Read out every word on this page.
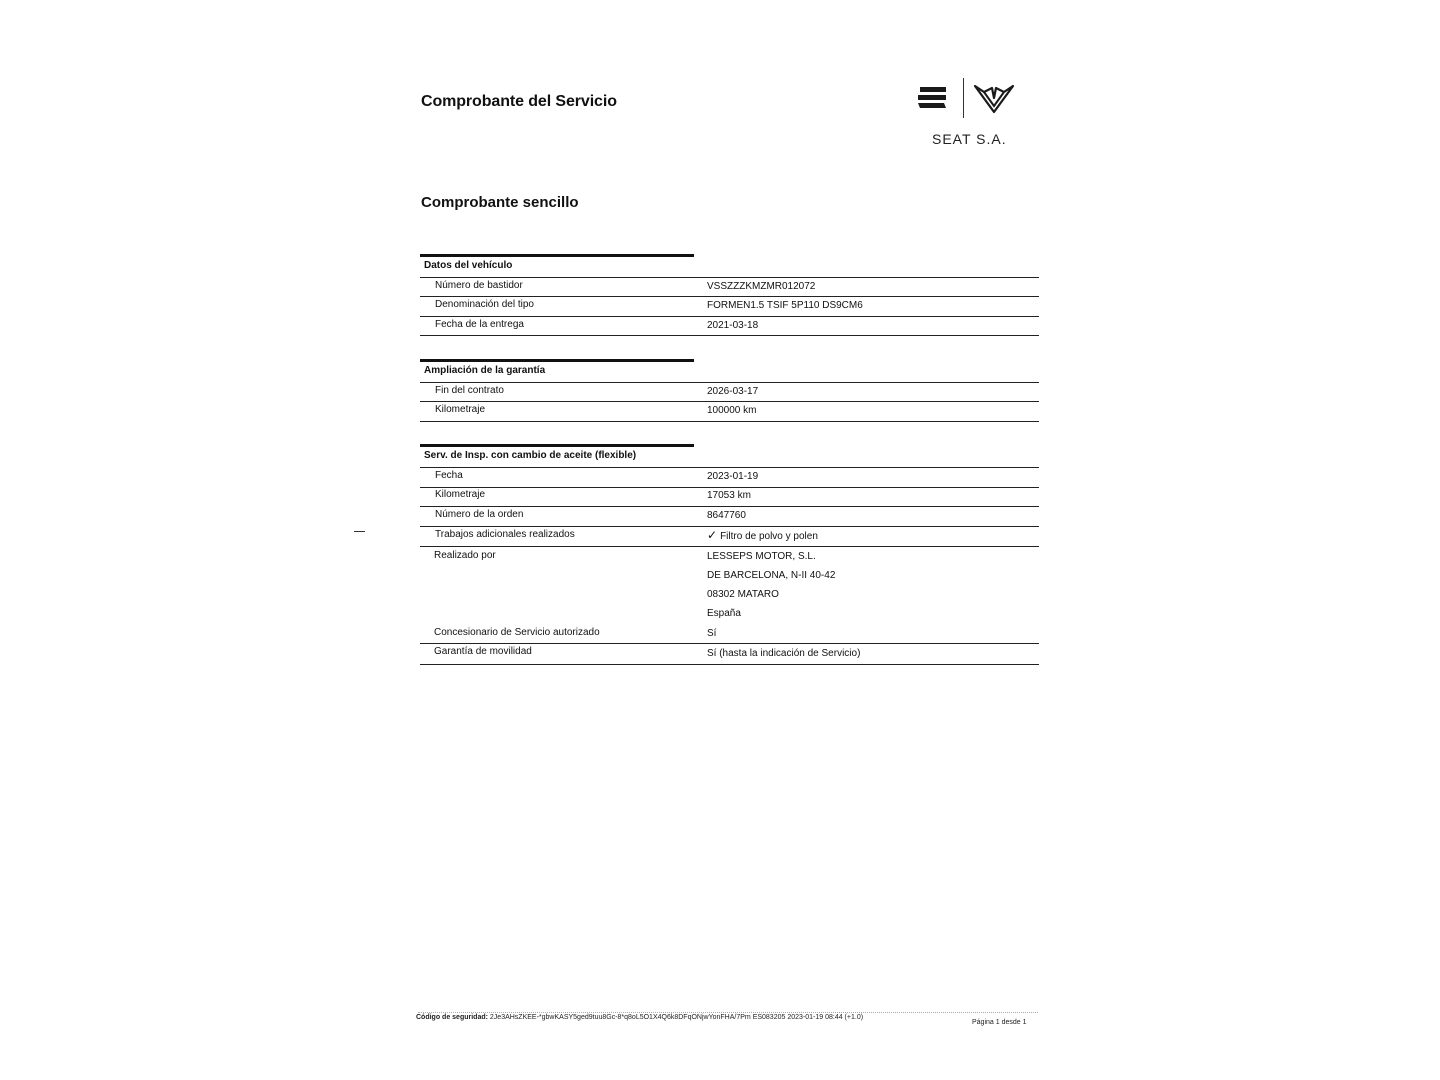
Comprobante del Servicio
SEAT S.A.
Comprobante sencillo
Datos del vehículo
Número de bastidor	VSSZZZKMZMR012072
Denominación del tipo	FORMEN1.5 TSIF 5P110 DS9CM6
Fecha de la entrega	2021-03-18
Ampliación de la garantía
Fin del contrato	2026-03-17
Kilometraje	100000 km
Serv. de Insp. con cambio de aceite (flexible)
Fecha	2023-01-19
Kilometraje	17053 km
Número de la orden	8647760
Trabajos adicionales realizados	✓ Filtro de polvo y polen
Realizado por	LESSEPS MOTOR, S.L.
DE BARCELONA, N-II 40-42
08302 MATARO
España
Concesionario de Servicio autorizado	Sí
Garantía de movilidad	Sí (hasta la indicación de Servicio)
Código de seguridad: 2Je3AHsZKEE-*gbwKASY5ged9tuu8Gc-8*q8oL5O1X4Q6k8DFqONjwYonFHA/7Pm ES083205 2023-01-19 08:44 (+1.0)
Página 1 desde 1
